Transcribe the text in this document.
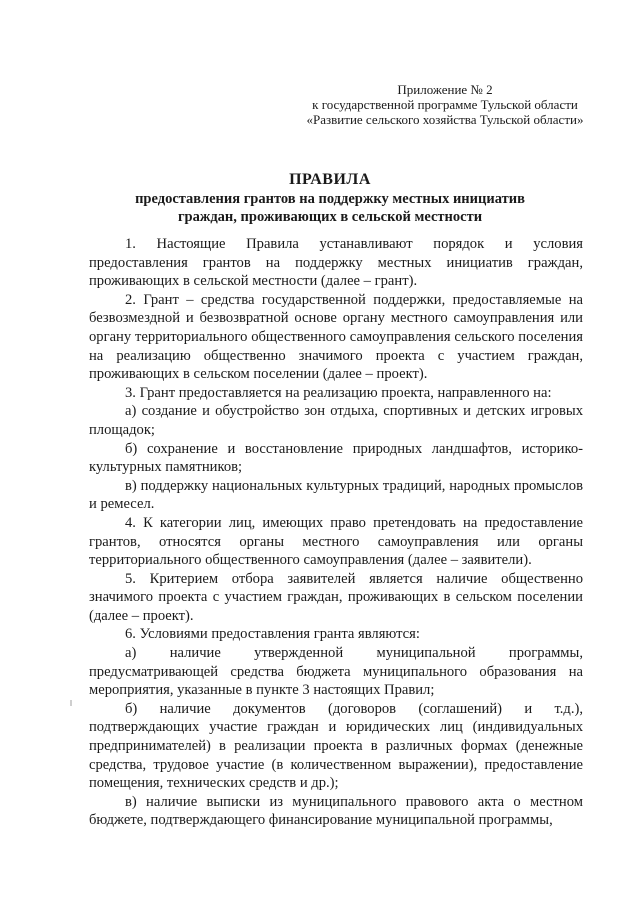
Приложение № 2
к государственной программе Тульской области
«Развитие сельского хозяйства Тульской области»
ПРАВИЛА
предоставления грантов на поддержку местных инициатив
граждан, проживающих в сельской местности

1. Настоящие Правила устанавливают порядок и условия предоставления грантов на поддержку местных инициатив граждан, проживающих в сельской местности (далее – грант).

2. Грант – средства государственной поддержки, предоставляемые на безвозмездной и безвозвратной основе органу местного самоуправления или органу территориального общественного самоуправления сельского поселения на реализацию общественно значимого проекта с участием граждан, проживающих в сельском поселении (далее – проект).

3. Грант предоставляется на реализацию проекта, направленного на:

а) создание и обустройство зон отдыха, спортивных и детских игровых площадок;

б) сохранение и восстановление природных ландшафтов, историко-культурных памятников;

в) поддержку национальных культурных традиций, народных промыслов и ремесел.

4. К категории лиц, имеющих право претендовать на предоставление грантов, относятся органы местного самоуправления или органы территориального общественного самоуправления (далее – заявители).

5. Критерием отбора заявителей является наличие общественно значимого проекта с участием граждан, проживающих в сельском поселении (далее – проект).

6. Условиями предоставления гранта являются:

а) наличие утвержденной муниципальной программы, предусматривающей средства бюджета муниципального образования на мероприятия, указанные в пункте 3 настоящих Правил;

б) наличие документов (договоров (соглашений) и т.д.), подтверждающих участие граждан и юридических лиц (индивидуальных предпринимателей) в реализации проекта в различных формах (денежные средства, трудовое участие (в количественном выражении), предоставление помещения, технических средств и др.);

в) наличие выписки из муниципального правового акта о местном бюджете, подтверждающего финансирование муниципальной программы,
